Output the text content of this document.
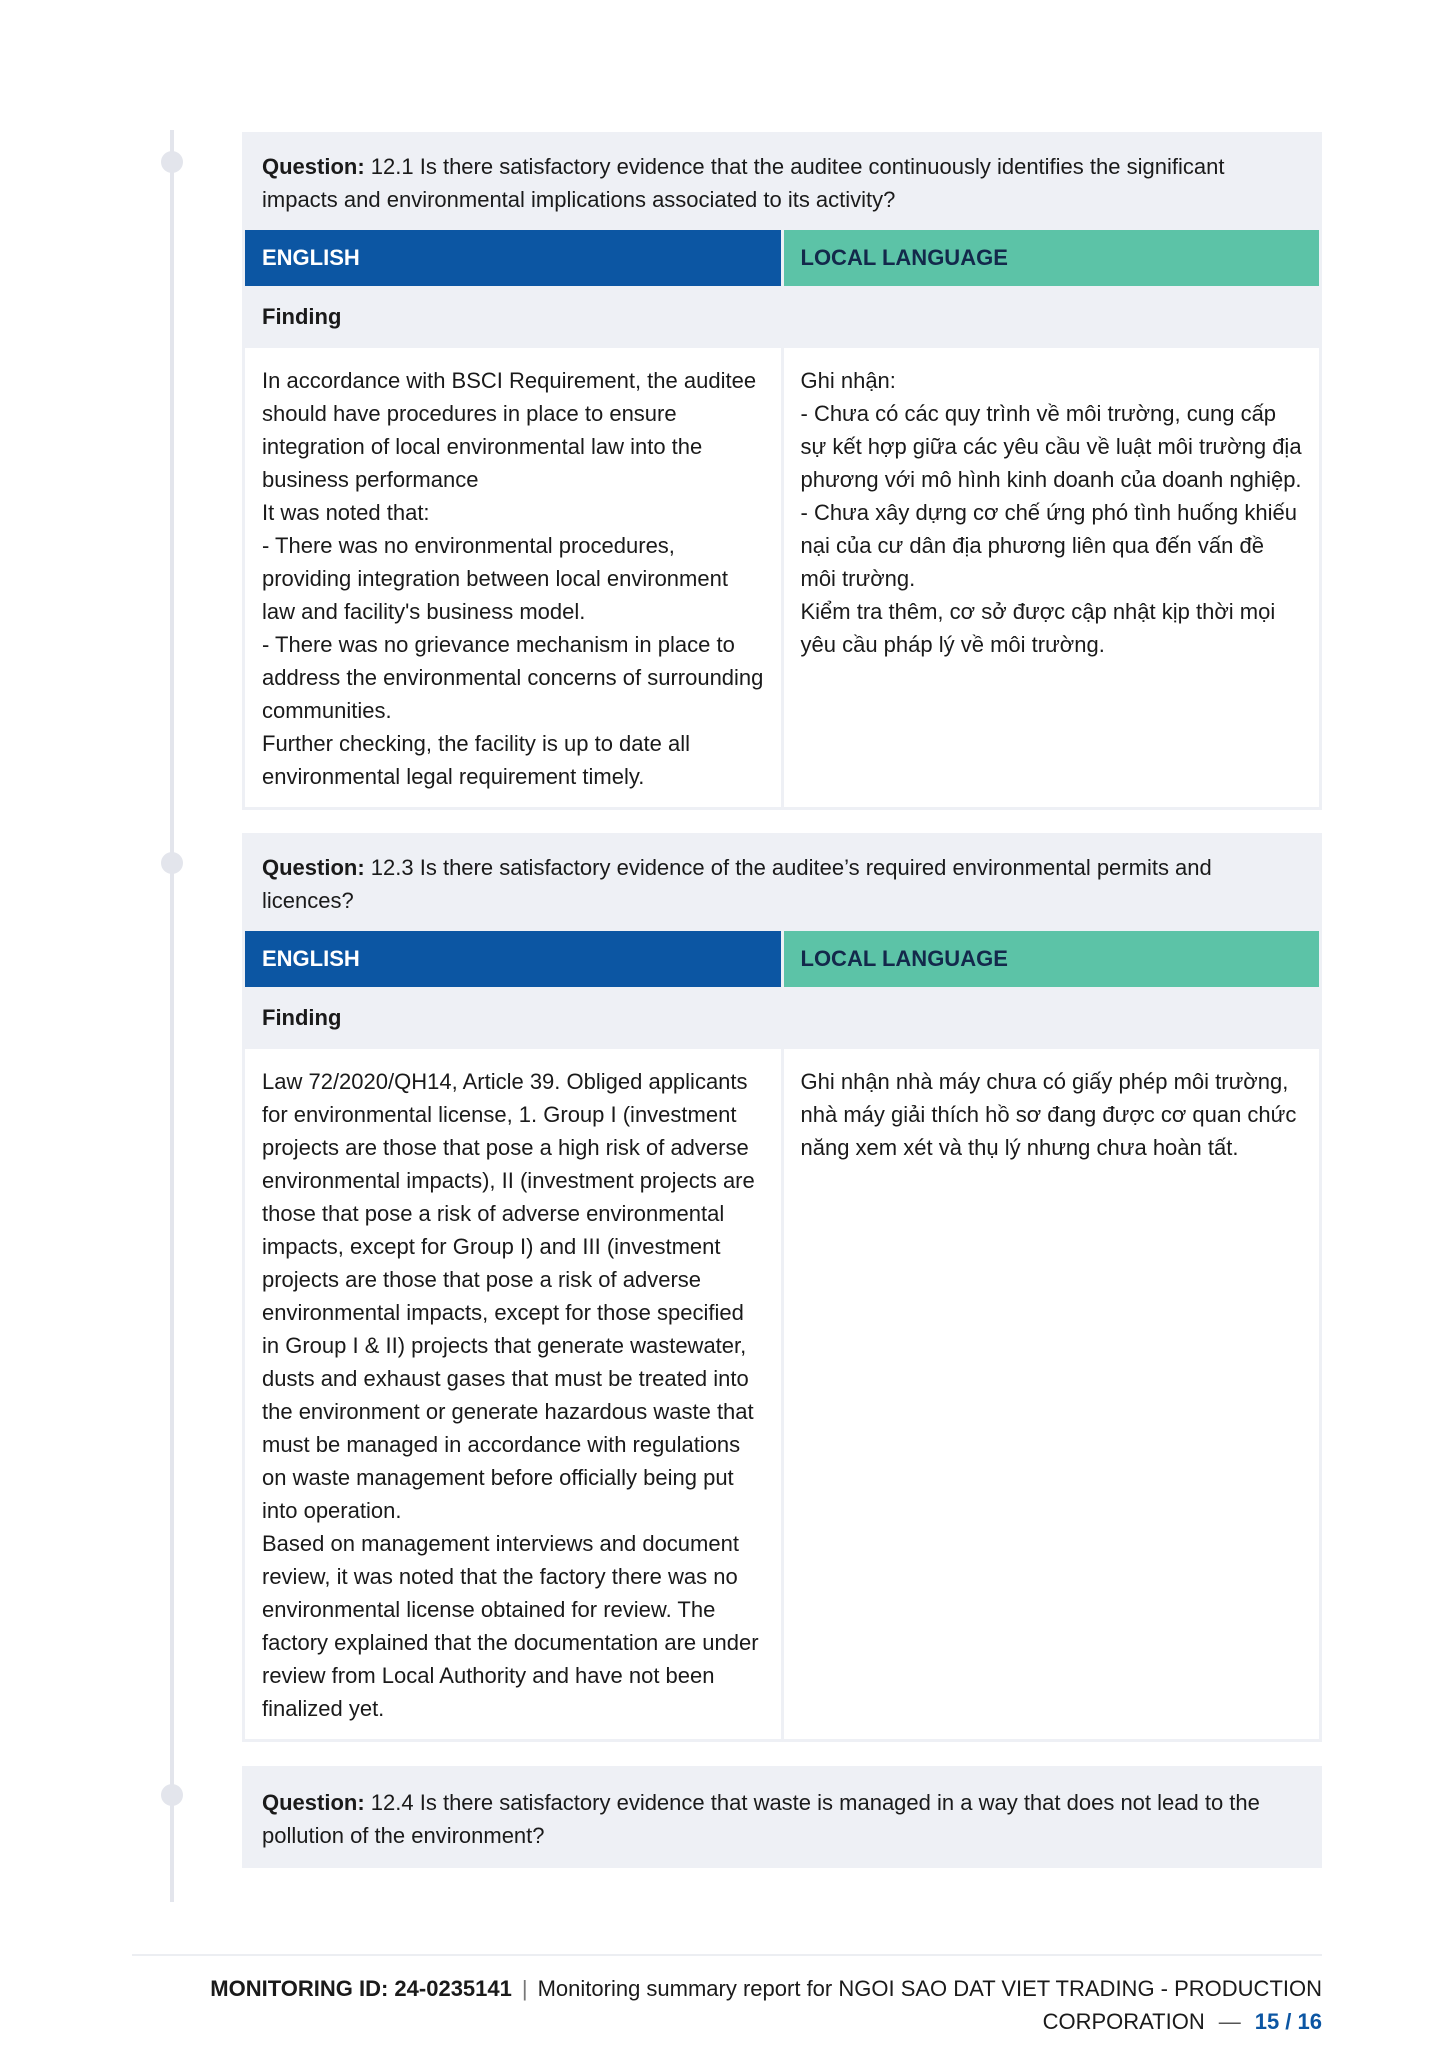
Question: 12.1 Is there satisfactory evidence that the auditee continuously identifies the significant impacts and environmental implications associated to its activity?
ENGLISH	LOCAL LANGUAGE
Finding
In accordance with BSCI Requirement, the auditee should have procedures in place to ensure integration of local environmental law into the business performance
It was noted that:
- There was no environmental procedures, providing integration between local environment law and facility's business model.
- There was no grievance mechanism in place to address the environmental concerns of surrounding communities.
Further checking, the facility is up to date all environmental legal requirement timely.
Ghi nhận:
- Chưa có các quy trình về môi trường, cung cấp sự kết hợp giữa các yêu cầu về luật môi trường địa phương với mô hình kinh doanh của doanh nghiệp.
- Chưa xây dựng cơ chế ứng phó tình huống khiếu nại của cư dân địa phương liên qua đến vấn đề môi trường.
Kiểm tra thêm, cơ sở được cập nhật kịp thời mọi yêu cầu pháp lý về môi trường.
Question: 12.3 Is there satisfactory evidence of the auditee’s required environmental permits and licences?
ENGLISH	LOCAL LANGUAGE
Finding
Law 72/2020/QH14, Article 39. Obliged applicants for environmental license, 1. Group I (investment projects are those that pose a high risk of adverse environmental impacts), II (investment projects are those that pose a risk of adverse environmental impacts, except for Group I) and III (investment projects are those that pose a risk of adverse environmental impacts, except for those specified in Group I & II) projects that generate wastewater, dusts and exhaust gases that must be treated into the environment or generate hazardous waste that must be managed in accordance with regulations on waste management before officially being put into operation.
Based on management interviews and document review, it was noted that the factory there was no environmental license obtained for review. The factory explained that the documentation are under review from Local Authority and have not been finalized yet.
Ghi nhận nhà máy chưa có giấy phép môi trường, nhà máy giải thích hồ sơ đang được cơ quan chức năng xem xét và thụ lý nhưng chưa hoàn tất.
Question: 12.4 Is there satisfactory evidence that waste is managed in a way that does not lead to the pollution of the environment?
MONITORING ID: 24-0235141 | Monitoring summary report for NGOI SAO DAT VIET TRADING - PRODUCTION CORPORATION — 15 / 16
